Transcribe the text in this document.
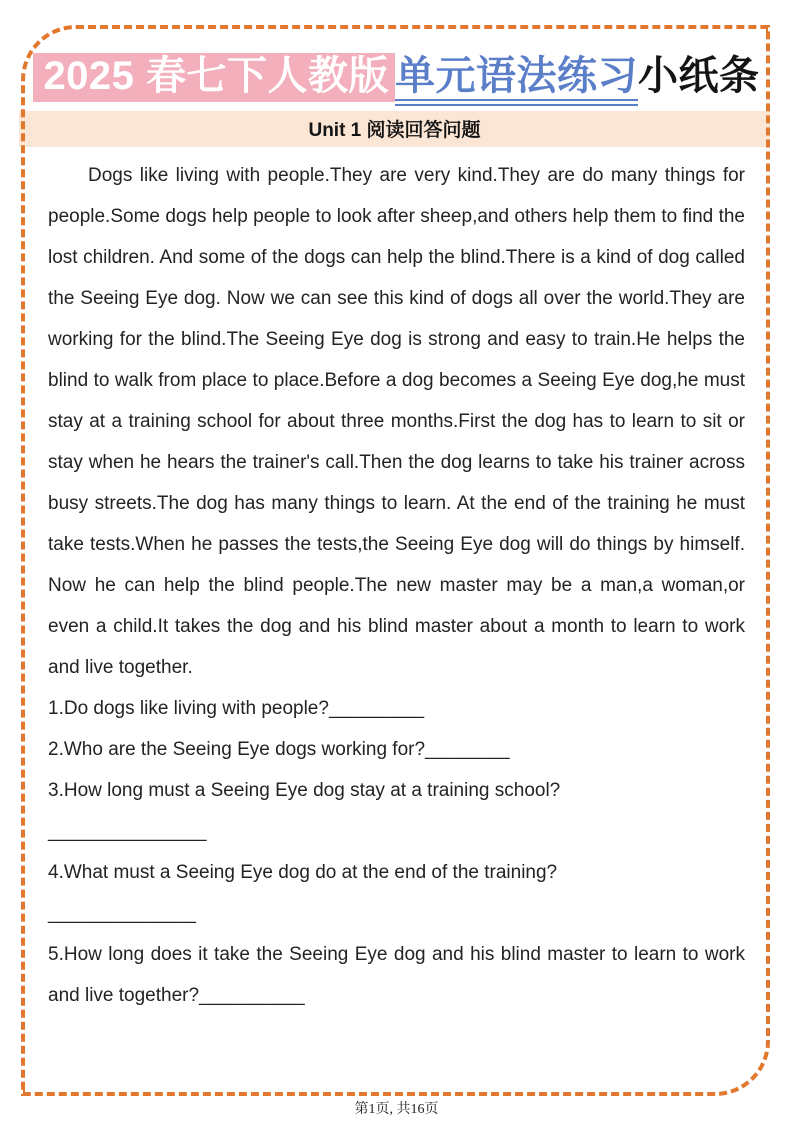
2025 春七下人教版 单元语法练习小纸条
Unit 1 阅读回答问题

Dogs like living with people.They are very kind.They are do many things for people.Some dogs help people to look after sheep,and others help them to find the lost children. And some of the dogs can help the blind.There is a kind of dog called the Seeing Eye dog. Now we can see this kind of dogs all over the world.They are working for the blind.The Seeing Eye dog is strong and easy to train.He helps the blind to walk from place to place.Before a dog becomes a Seeing Eye dog,he must stay at a training school for about three months.First the dog has to learn to sit or stay when he hears the trainer's call.Then the dog learns to take his trainer across busy streets.The dog has many things to learn. At the end of the training he must take tests.When he passes the tests,the Seeing Eye dog will do things by himself. Now he can help the blind people.The new master may be a man,a woman,or even a child.It takes the dog and his blind master about a month to learn to work and live together.

1.Do dogs like living with people?_________

2.Who are the Seeing Eye dogs working for?________

3.How long must a Seeing Eye dog stay at a training school?

_______________

4.What must a Seeing Eye dog do at the end of the training?

______________

5.How long does it take the Seeing Eye dog and his blind master to learn to work and live together?__________

第1页, 共16页
